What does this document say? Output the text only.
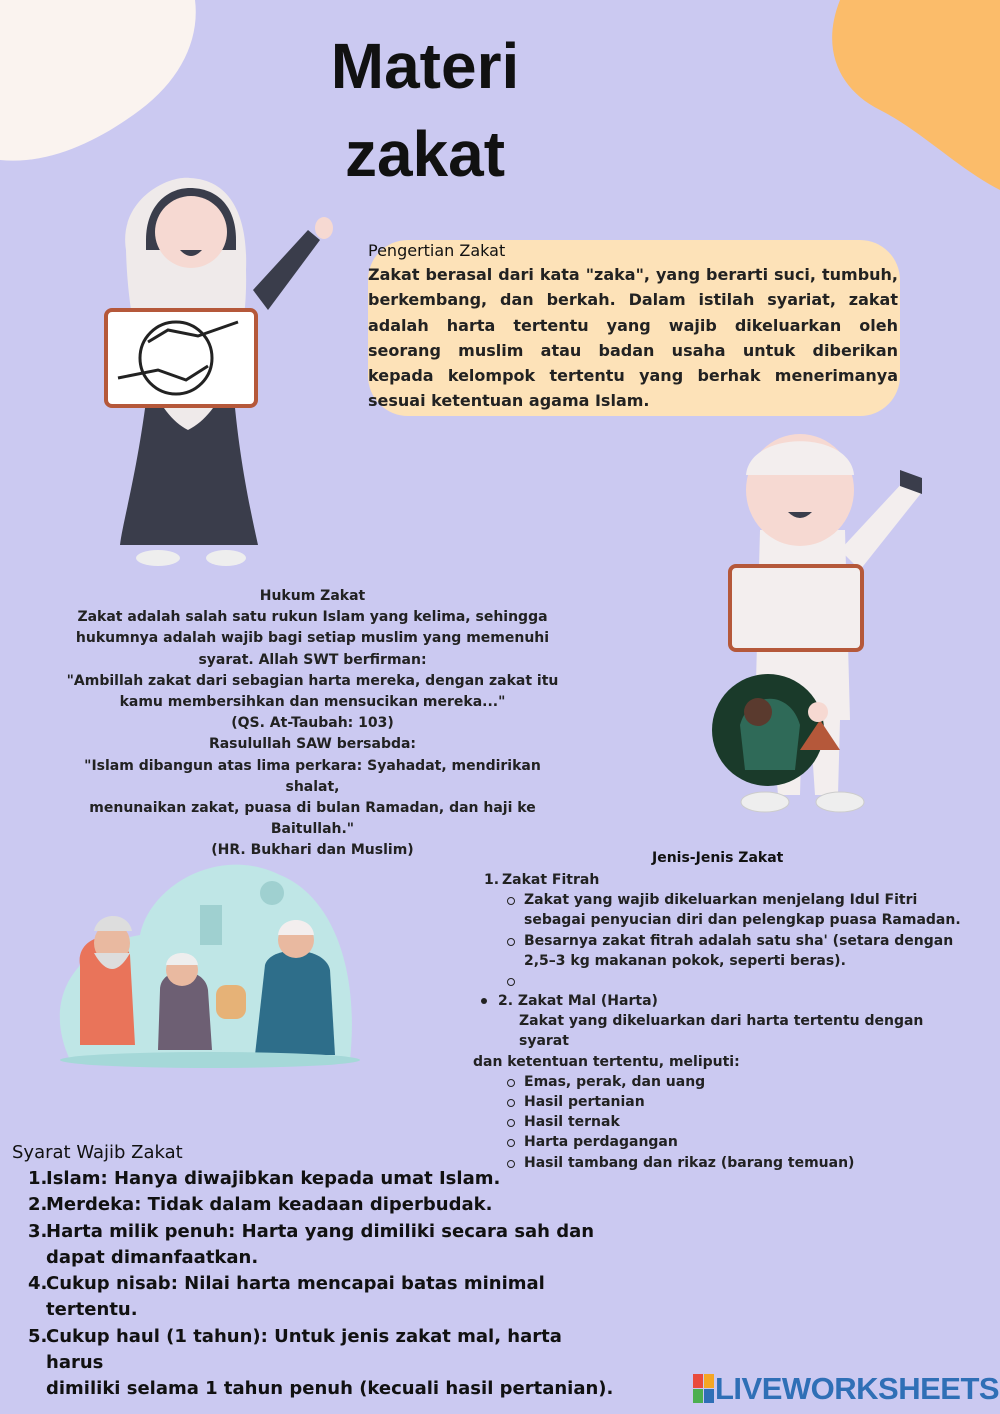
Materi zakat
Pengertian Zakat
Zakat berasal dari kata "zaka", yang berarti suci, tumbuh, berkembang, dan berkah. Dalam istilah syariat, zakat adalah harta tertentu yang wajib dikeluarkan oleh seorang muslim atau badan usaha untuk diberikan kepada kelompok tertentu yang berhak menerimanya sesuai ketentuan agama Islam.
Hukum Zakat
Zakat adalah salah satu rukun Islam yang kelima, sehingga
hukumnya adalah wajib bagi setiap muslim yang memenuhi
syarat. Allah SWT berfirman:
"Ambillah zakat dari sebagian harta mereka, dengan zakat itu
kamu membersihkan dan mensucikan mereka..."
(QS. At-Taubah: 103)
Rasulullah SAW bersabda:
"Islam dibangun atas lima perkara: Syahadat, mendirikan shalat,
menunaikan zakat, puasa di bulan Ramadan, dan haji ke
Baitullah."
(HR. Bukhari dan Muslim)	Jenis-Jenis Zakat
1. Zakat Fitrah
Zakat yang wajib dikeluarkan menjelang Idul Fitri sebagai penyucian diri dan pelengkap puasa Ramadan.
Besarnya zakat fitrah adalah satu sha' (setara dengan 2,5–3 kg makanan pokok, seperti beras).
2. Zakat Mal (Harta)
Zakat yang dikeluarkan dari harta tertentu dengan syarat
dan ketentuan tertentu, meliputi:
Emas, perak, dan uang
Hasil pertanian
Hasil ternak
Harta perdagangan
Hasil tambang dan rikaz (barang temuan)
Syarat Wajib Zakat
1.
Islam: Hanya diwajibkan kepada umat Islam.
2.
Merdeka: Tidak dalam keadaan diperbudak.
3.
Harta milik penuh: Harta yang dimiliki secara sah dan
dapat dimanfaatkan.
4.
Cukup nisab: Nilai harta mencapai batas minimal
tertentu.
5.
Cukup haul (1 tahun): Untuk jenis zakat mal, harta harus
dimiliki selama 1 tahun penuh (kecuali hasil pertanian).	LIVEWORKSHEETS
